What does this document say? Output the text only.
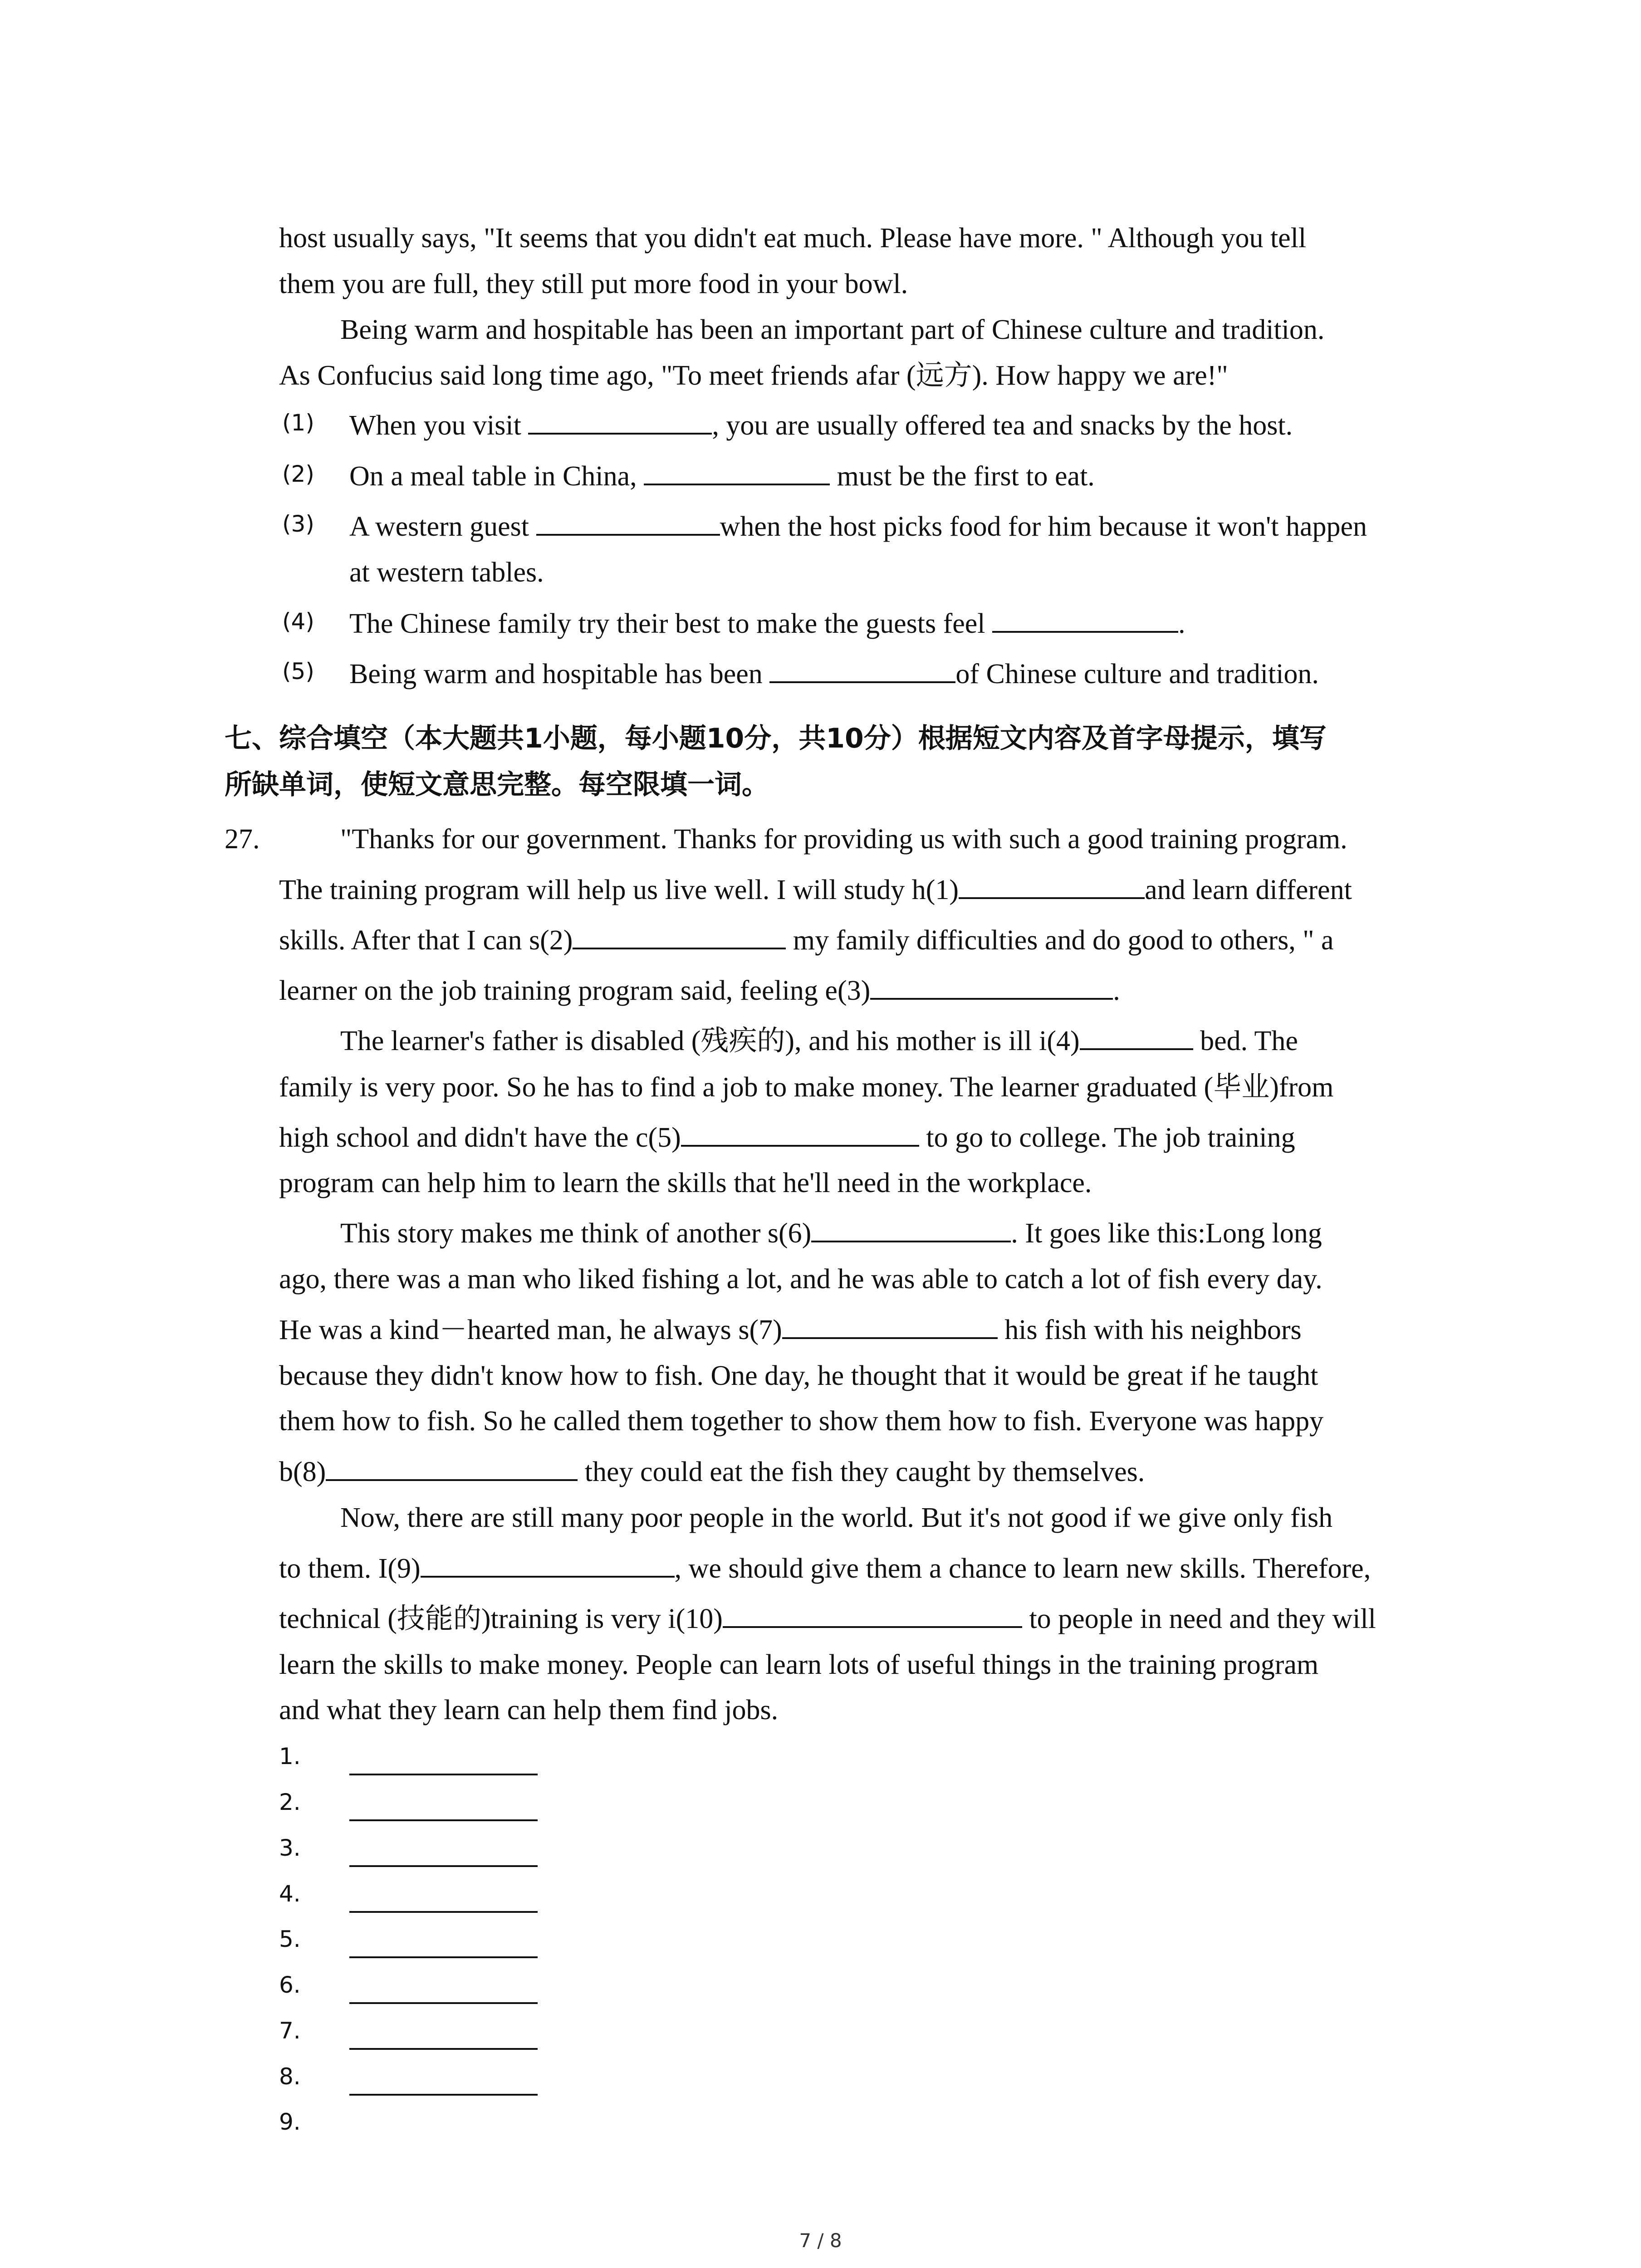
host usually says, "It seems that you didn't eat much. Please have more. " Although you tell
them you are full, they still put more food in your bowl.
Being warm and hospitable has been an important part of Chinese culture and tradition.
As Confucius said long time ago, "To meet friends afar (远方). How happy we are!"
(1) When you visit	, you are usually offered tea and snacks by the host.
(2) On a meal table in China,	must be the first to eat.
(3) A western guest	when the host picks food for him because it won't happen
at western tables.
(4) The Chinese family try their best to make the guests feel	.
(5) Being warm and hospitable has been	of Chinese culture and tradition.
七、综合填空（本大题共1小题，每小题10分，共10分）根据短文内容及首字母提示，填写
所缺单词，使短文意思完整。每空限填一词。
27.	"Thanks for our government. Thanks for providing us with such a good training program.
The training program will help us live well. I will study h(1)	and learn different
skills. After that I can s(2)	my family difficulties and do good to others, " a
learner on the job training program said, feeling e(3)	.
The learner's father is disabled (残疾的), and his mother is ill i(4)	bed. The
family is very poor. So he has to find a job to make money. The learner graduated (毕业)from
high school and didn't have the c(5)	to go to college. The job training
program can help him to learn the skills that he'll need in the workplace.
This story makes me think of another s(6)	. It goes like this:Long long
ago, there was a man who liked fishing a lot, and he was able to catch a lot of fish every day.
He was a kind－hearted man, he always s(7)	his fish with his neighbors
because they didn't know how to fish. One day, he thought that it would be great if he taught
them how to fish. So he called them together to show them how to fish. Everyone was happy
b(8)	they could eat the fish they caught by themselves.
Now, there are still many poor people in the world. But it's not good if we give only fish
to them. I(9)	, we should give them a chance to learn new skills. Therefore,
technical (技能的)training is very i(10)	to people in need and they will
learn the skills to make money. People can learn lots of useful things in the training program
and what they learn can help them find jobs.
1.
2.
3.
4.
5.
6.
7.
8.
9.
7 / 8
